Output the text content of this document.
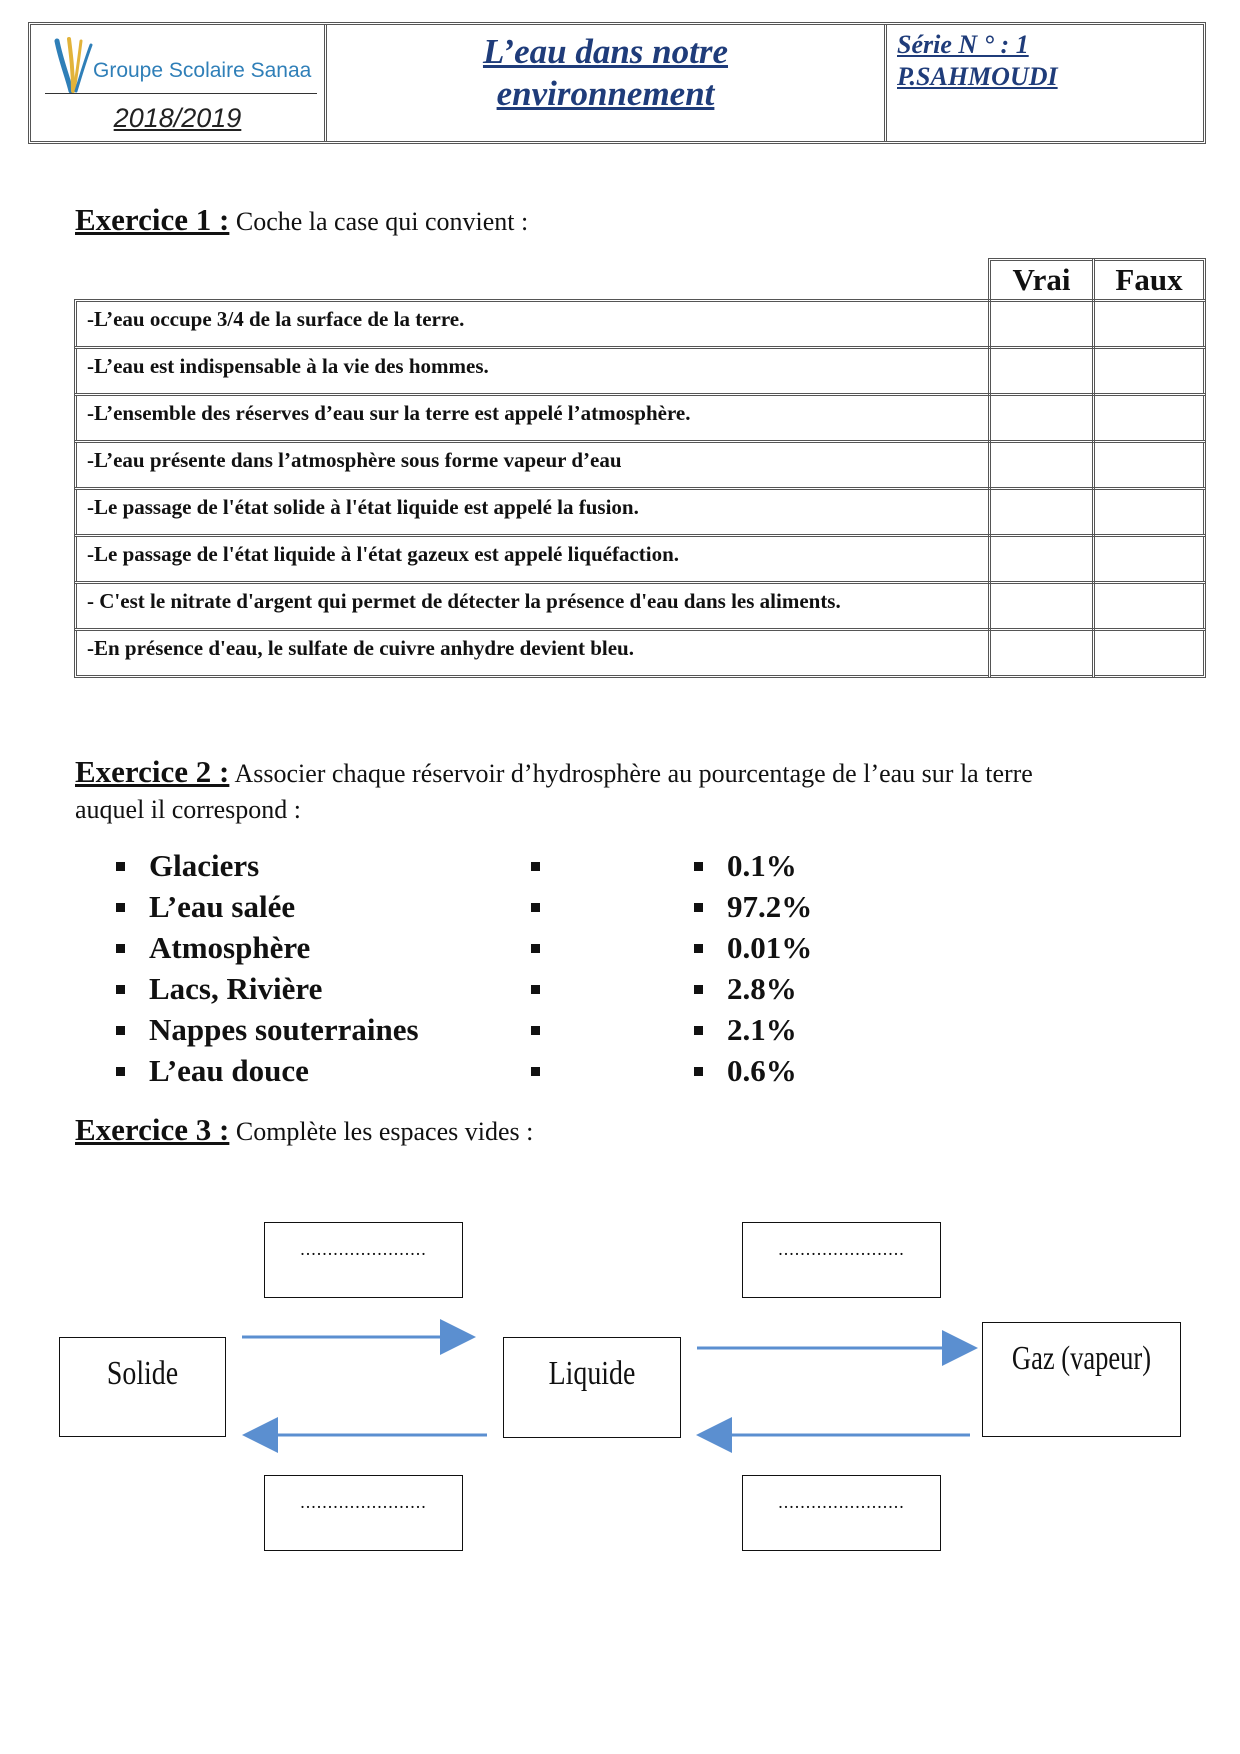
Groupe Scolaire Sanaa
2018/2019
L’eau dans notre
environnement
Série N ° : 1
P.SAHMOUDI
Exercice 1 : Coche la case qui convient :
Vrai	Faux
-L’eau occupe 3/4 de la surface de la terre.
-L’eau est indispensable à la vie des hommes.
-L’ensemble des réserves d’eau sur la terre est appelé l’atmosphère.
-L’eau présente dans l’atmosphère sous forme vapeur d’eau
-Le passage de l'état solide à l'état liquide est appelé la fusion.
-Le passage de l'état liquide à l'état gazeux est appelé liquéfaction.
- C'est le nitrate d'argent qui permet de détecter la présence d'eau dans les aliments.
-En présence d'eau, le sulfate de cuivre anhydre devient bleu.
Exercice 2 : Associer chaque réservoir d’hydrosphère au pourcentage de l’eau sur la terre
auquel il correspond :
Glaciers	0.1%
L’eau salée	97.2%
Atmosphère	0.01%
Lacs, Rivière	2.8%
Nappes souterraines	2.1%
L’eau douce	0.6%
Exercice 3 : Complète les espaces vides :
Solide	Liquide	Gaz (vapeur)
.......................	.......................
.......................	.......................
